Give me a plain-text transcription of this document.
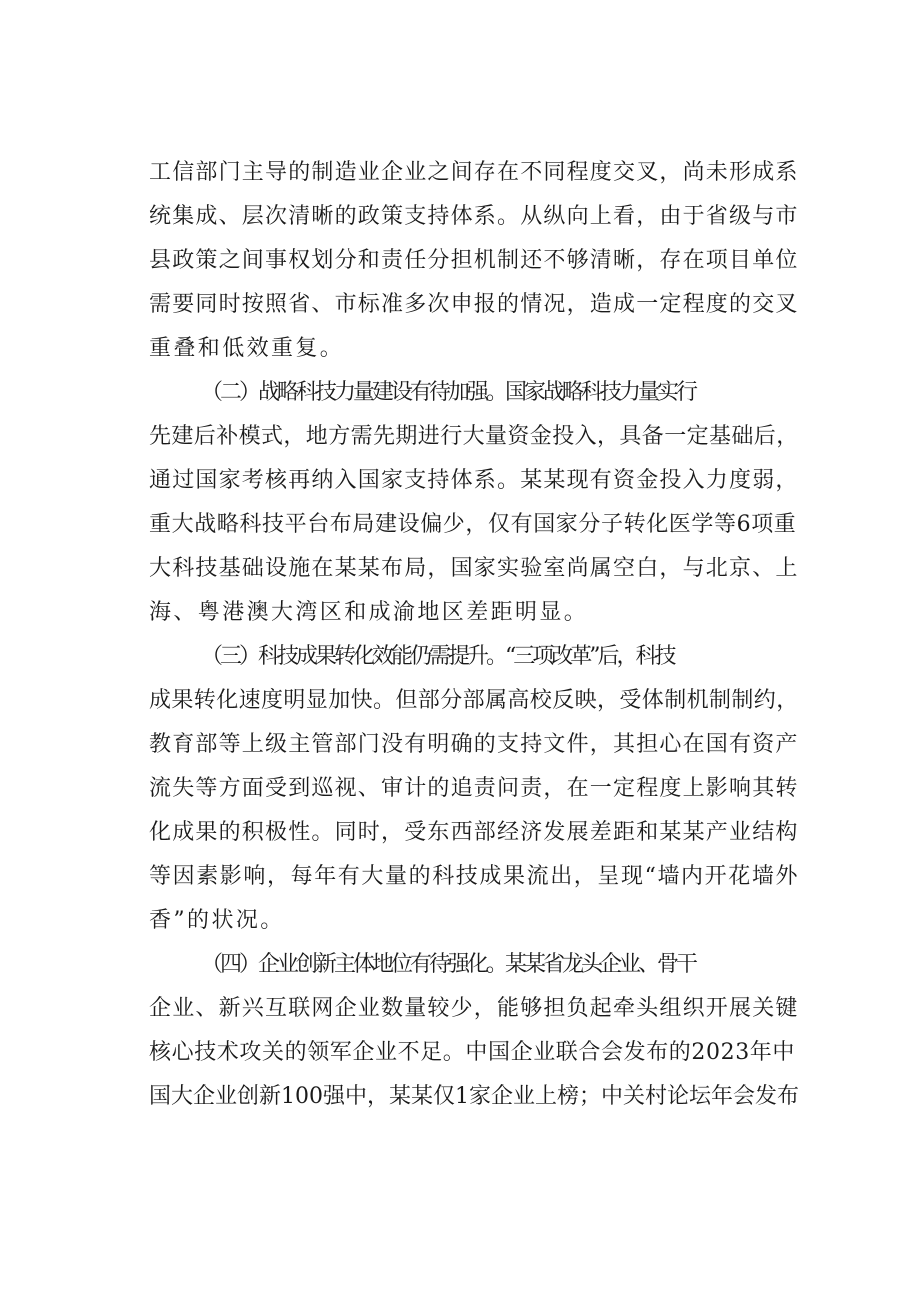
工信部门主导的制造业企业之间存在不同程度交叉，尚未形成系

统集成、层次清晰的政策支持体系。从纵向上看，由于省级与市

县政策之间事权划分和责任分担机制还不够清晰，存在项目单位

需要同时按照省、市标准多次申报的情况，造成一定程度的交叉

重叠和低效重复。

（二）战略科技力量建设有待加强。国家战略科技力量实行

先建后补模式，地方需先期进行大量资金投入，具备一定基础后，

通过国家考核再纳入国家支持体系。某某现有资金投入力度弱，

重大战略科技平台布局建设偏少，仅有国家分子转化医学等6项重

大科技基础设施在某某布局，国家实验室尚属空白，与北京、上

海、粤港澳大湾区和成渝地区差距明显。

（三）科技成果转化效能仍需提升。“三项改革”后，科技

成果转化速度明显加快。但部分部属高校反映，受体制机制制约，

教育部等上级主管部门没有明确的支持文件，其担心在国有资产

流失等方面受到巡视、审计的追责问责，在一定程度上影响其转

化成果的积极性。同时，受东西部经济发展差距和某某产业结构

等因素影响，每年有大量的科技成果流出，呈现“墙内开花墙外

香”的状况。

（四）企业创新主体地位有待强化。某某省龙头企业、骨干

企业、新兴互联网企业数量较少，能够担负起牵头组织开展关键

核心技术攻关的领军企业不足。中国企业联合会发布的2023年中

国大企业创新100强中，某某仅1家企业上榜；中关村论坛年会发布
